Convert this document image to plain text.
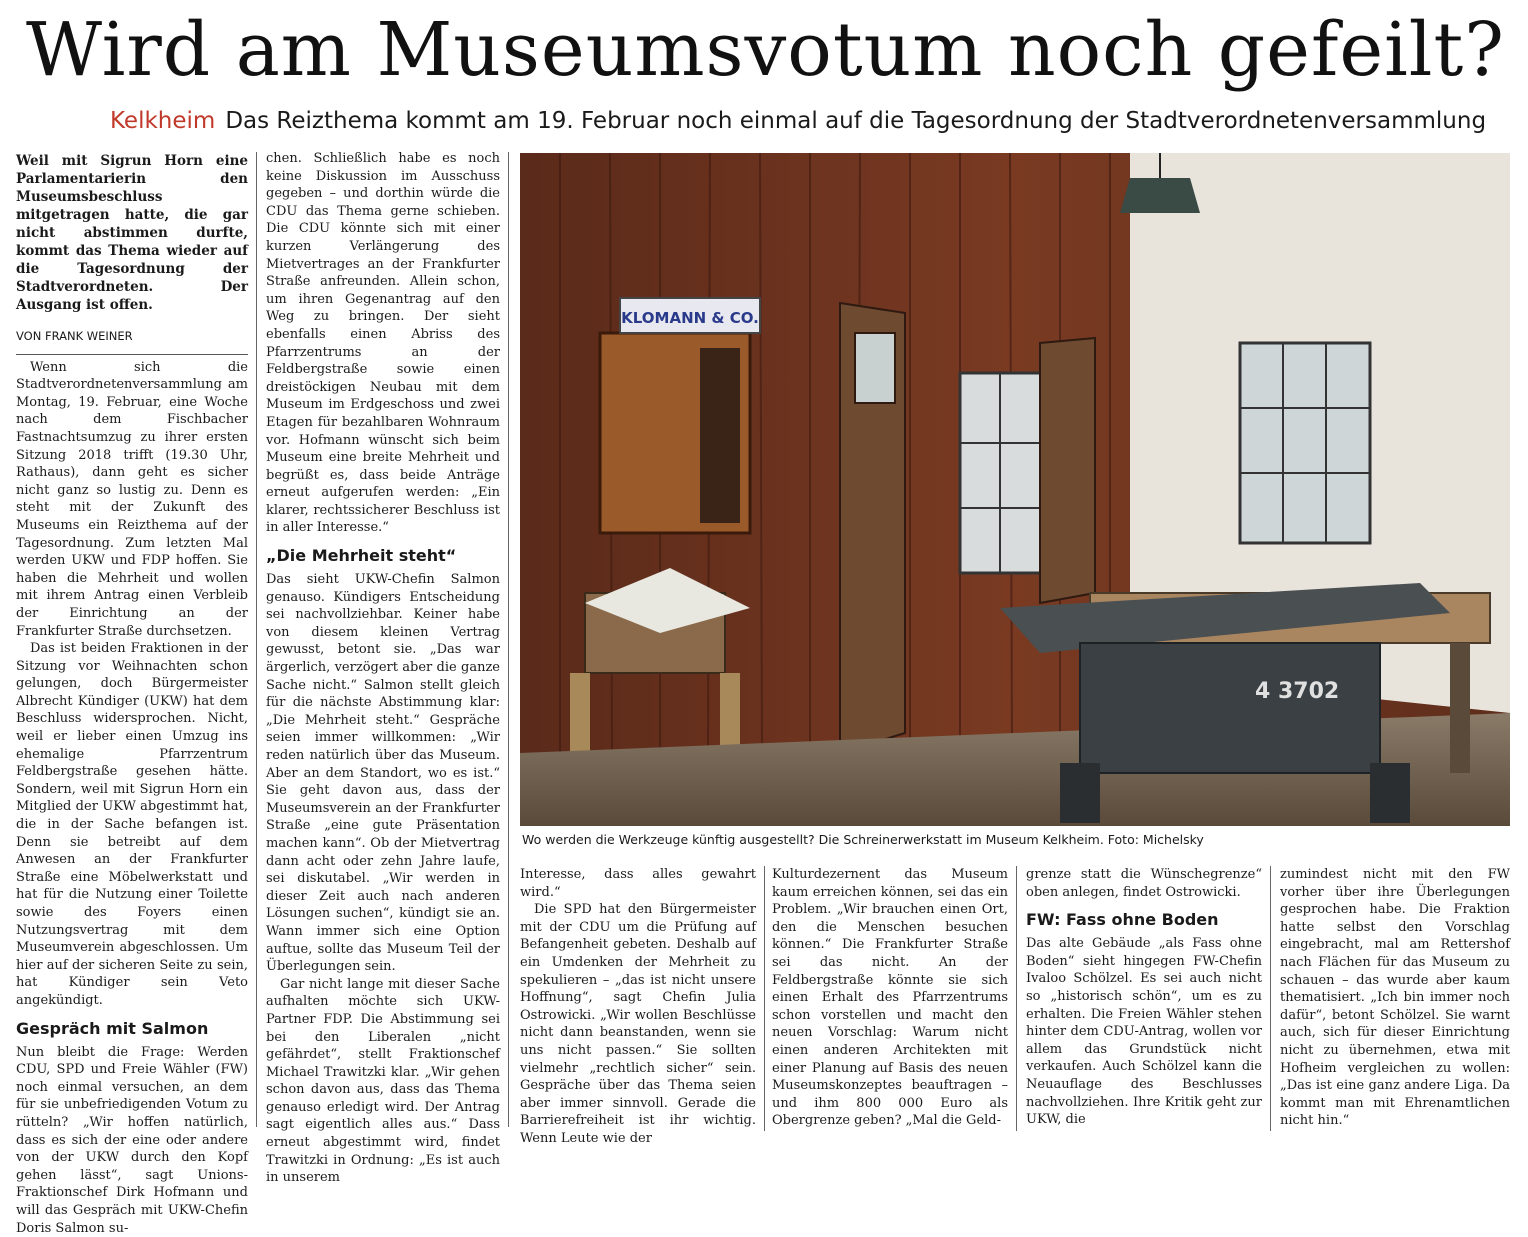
Wird am Museumsvotum noch gefeilt?
Kelkheim Das Reizthema kommt am 19. Februar noch einmal auf die Tagesordnung der Stadtverordnetenversammlung

Weil mit Sigrun Horn eine Parlamentarierin den Museumsbeschluss mitgetragen hatte, die gar nicht abstimmen durfte, kommt das Thema wieder auf die Tagesordnung der Stadtverordneten. Der Ausgang ist offen.

VON FRANK WEINER

Wenn sich die Stadtverordnetenversammlung am Montag, 19. Februar, eine Woche nach dem Fischbacher Fastnachtsumzug zu ihrer ersten Sitzung 2018 trifft (19.30 Uhr, Rathaus), dann geht es sicher nicht ganz so lustig zu. Denn es steht mit der Zukunft des Museums ein Reizthema auf der Tagesordnung. Zum letzten Mal werden UKW und FDP hoffen. Sie haben die Mehrheit und wollen mit ihrem Antrag einen Verbleib der Einrichtung an der Frankfurter Straße durchsetzen.

Das ist beiden Fraktionen in der Sitzung vor Weihnachten schon gelungen, doch Bürgermeister Albrecht Kündiger (UKW) hat dem Beschluss widersprochen. Nicht, weil er lieber einen Umzug ins ehemalige Pfarrzentrum Feldbergstraße gesehen hätte. Sondern, weil mit Sigrun Horn ein Mitglied der UKW abgestimmt hat, die in der Sache befangen ist. Denn sie betreibt auf dem Anwesen an der Frankfurter Straße eine Möbelwerkstatt und hat für die Nutzung einer Toilette sowie des Foyers einen Nutzungsvertrag mit dem Museumverein abgeschlossen. Um hier auf der sicheren Seite zu sein, hat Kündiger sein Veto angekündigt.

Gespräch mit Salmon

Nun bleibt die Frage: Werden CDU, SPD und Freie Wähler (FW) noch einmal versuchen, an dem für sie unbefriedigenden Votum zu rütteln? „Wir hoffen natürlich, dass es sich der eine oder andere von der UKW durch den Kopf gehen lässt“, sagt Unions-Fraktionschef Dirk Hofmann und will das Gespräch mit UKW-Chefin Doris Salmon su-

chen. Schließlich habe es noch keine Diskussion im Ausschuss gegeben – und dorthin würde die CDU das Thema gerne schieben. Die CDU könnte sich mit einer kurzen Verlängerung des Mietvertrages an der Frankfurter Straße anfreunden. Allein schon, um ihren Gegenantrag auf den Weg zu bringen. Der sieht ebenfalls einen Abriss des Pfarrzentrums an der Feldbergstraße sowie einen dreistöckigen Neubau mit dem Museum im Erdgeschoss und zwei Etagen für bezahlbaren Wohnraum vor. Hofmann wünscht sich beim Museum eine breite Mehrheit und begrüßt es, dass beide Anträge erneut aufgerufen werden: „Ein klarer, rechtssicherer Beschluss ist in aller Interesse.“

„Die Mehrheit steht“

Das sieht UKW-Chefin Salmon genauso. Kündigers Entscheidung sei nachvollziehbar. Keiner habe von diesem kleinen Vertrag gewusst, betont sie. „Das war ärgerlich, verzögert aber die ganze Sache nicht.“ Salmon stellt gleich für die nächste Abstimmung klar: „Die Mehrheit steht.“ Gespräche seien immer willkommen: „Wir reden natürlich über das Museum. Aber an dem Standort, wo es ist.“ Sie geht davon aus, dass der Museumsverein an der Frankfurter Straße „eine gute Präsentation machen kann“. Ob der Mietvertrag dann acht oder zehn Jahre laufe, sei diskutabel. „Wir werden in dieser Zeit auch nach anderen Lösungen suchen“, kündigt sie an. Wann immer sich eine Option auftue, sollte das Museum Teil der Überlegungen sein.

Gar nicht lange mit dieser Sache aufhalten möchte sich UKW-Partner FDP. Die Abstimmung sei bei den Liberalen „nicht gefährdet“, stellt Fraktionschef Michael Trawitzki klar. „Wir gehen schon davon aus, dass das Thema genauso erledigt wird. Der Antrag sagt eigentlich alles aus.“ Dass erneut abgestimmt wird, findet Trawitzki in Ordnung: „Es ist auch in unserem

KLOMANN & CO.
4 3702
Wo werden die Werkzeuge künftig ausgestellt? Die Schreinerwerkstatt im Museum Kelkheim. Foto: Michelsky

Interesse, dass alles gewahrt wird.“

Die SPD hat den Bürgermeister mit der CDU um die Prüfung auf Befangenheit gebeten. Deshalb auf ein Umdenken der Mehrheit zu spekulieren – „das ist nicht unsere Hoffnung“, sagt Chefin Julia Ostrowicki. „Wir wollen Beschlüsse nicht dann beanstanden, wenn sie uns nicht passen.“ Sie sollten vielmehr „rechtlich sicher“ sein. Gespräche über das Thema seien aber immer sinnvoll. Gerade die Barrierefreiheit ist ihr wichtig. Wenn Leute wie der

Kulturdezernent das Museum kaum erreichen können, sei das ein Problem. „Wir brauchen einen Ort, den die Menschen besuchen können.“ Die Frankfurter Straße sei das nicht. An der Feldbergstraße könnte sie sich einen Erhalt des Pfarrzentrums schon vorstellen und macht den neuen Vorschlag: Warum nicht einen anderen Architekten mit einer Planung auf Basis des neuen Museumskonzeptes beauftragen – und ihm 800 000 Euro als Obergrenze geben? „Mal die Geld-

grenze statt die Wünschegrenze“ oben anlegen, findet Ostrowicki.

FW: Fass ohne Boden

Das alte Gebäude „als Fass ohne Boden“ sieht hingegen FW-Chefin Ivaloo Schölzel. Es sei auch nicht so „historisch schön“, um es zu erhalten. Die Freien Wähler stehen hinter dem CDU-Antrag, wollen vor allem das Grundstück nicht verkaufen. Auch Schölzel kann die Neuauflage des Beschlusses nachvollziehen. Ihre Kritik geht zur UKW, die

zumindest nicht mit den FW vorher über ihre Überlegungen gesprochen habe. Die Fraktion hatte selbst den Vorschlag eingebracht, mal am Rettershof nach Flächen für das Museum zu schauen – das wurde aber kaum thematisiert. „Ich bin immer noch dafür“, betont Schölzel. Sie warnt auch, sich für dieser Einrichtung nicht zu übernehmen, etwa mit Hofheim vergleichen zu wollen: „Das ist eine ganz andere Liga. Da kommt man mit Ehrenamtlichen nicht hin.“
